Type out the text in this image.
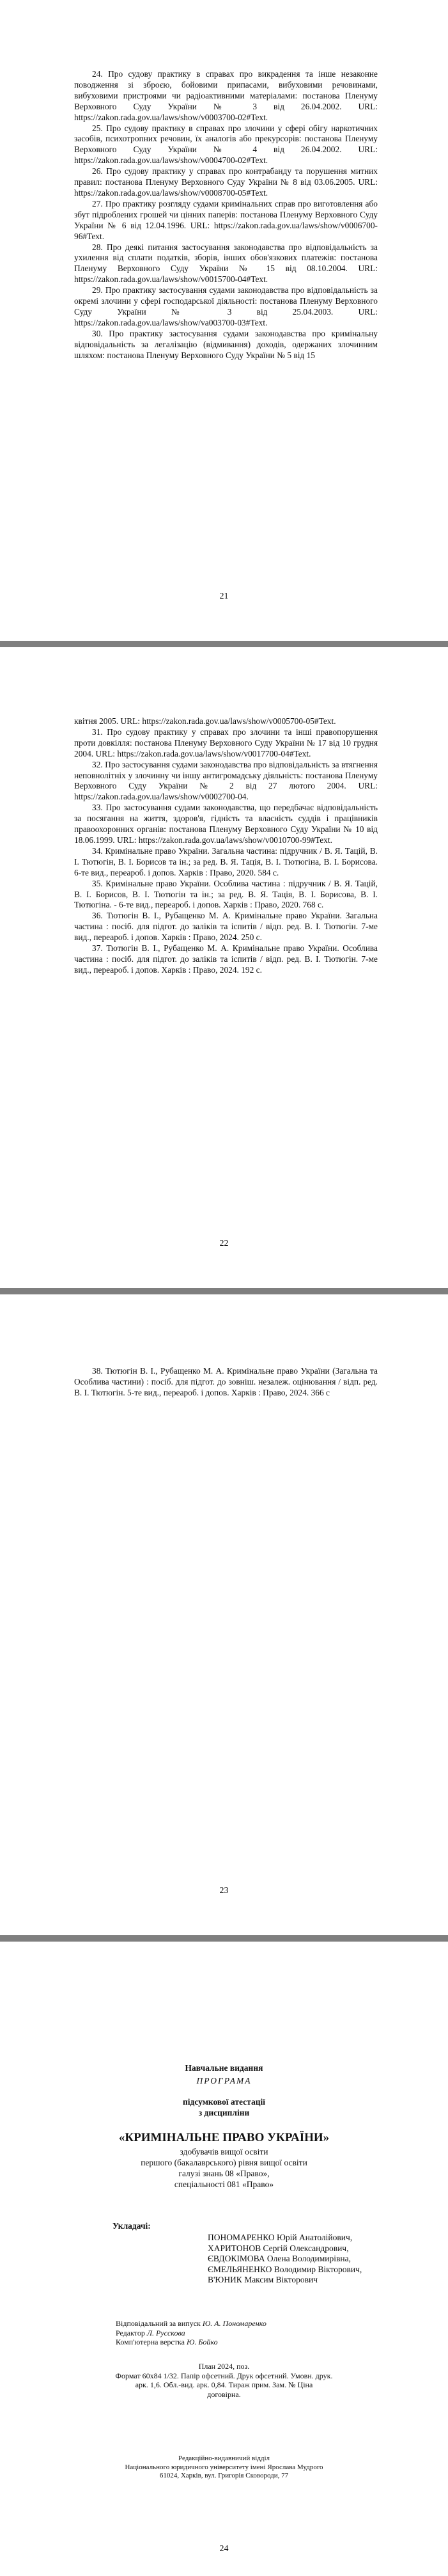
24. Про судову практику в справах про викрадення та інше незаконне поводження зі зброєю, бойовими припасами, вибуховими речовинами, вибуховими пристроями чи радіоактивними матеріалами: постанова Пленуму Верховного Суду України № 3 від 26.04.2002. URL: https://zakon.rada.gov.ua/laws/show/v0003700-02#Text.

25. Про судову практику в справах про злочини у сфері обігу наркотичних засобів, психотропних речовин, їх аналогів або прекурсорів: постанова Пленуму Верховного Суду України № 4 від 26.04.2002. URL: https://zakon.rada.gov.ua/laws/show/v0004700-02#Text.

26. Про судову практику у справах про контрабанду та порушення митних правил: постанова Пленуму Верховного Суду України № 8 від 03.06.2005. URL: https://zakon.rada.gov.ua/laws/show/v0008700-05#Text.

27. Про практику розгляду судами кримінальних справ про виготовлення або збут підроблених грошей чи цінних паперів: постанова Пленуму Верховного Суду України № 6 від 12.04.1996. URL: https://zakon.rada.gov.ua/laws/show/v0006700-96#Text.

28. Про деякі питання застосування законодавства про відповідальність за ухилення від сплати податків, зборів, інших обов'язкових платежів: постанова Пленуму Верховного Суду України № 15 від 08.10.2004. URL: https://zakon.rada.gov.ua/laws/show/v0015700-04#Text.

29. Про практику застосування судами законодавства про відповідальність за окремі злочини у сфері господарської діяльності: постанова Пленуму Верховного Суду України № 3 від 25.04.2003. URL: https://zakon.rada.gov.ua/laws/show/va003700-03#Text.

30. Про практику застосування судами законодавства про кримінальну відповідальність за легалізацію (відмивання) доходів, одержаних злочинним шляхом: постанова Пленуму Верховного Суду України № 5 від 15

21

квітня 2005. URL: https://zakon.rada.gov.ua/laws/show/v0005700-05#Text.

31. Про судову практику у справах про злочини та інші правопорушення проти довкілля: постанова Пленуму Верховного Суду України № 17 від 10 грудня 2004. URL: https://zakon.rada.gov.ua/laws/show/v0017700-04#Text.

32. Про застосування судами законодавства про відповідальність за втягнення неповнолітніх у злочинну чи іншу антигромадську діяльність: постанова Пленуму Верховного Суду України № 2 від 27 лютого 2004. URL: https://zakon.rada.gov.ua/laws/show/v0002700-04.

33. Про застосування судами законодавства, що передбачає відповідальність за посягання на життя, здоров'я, гідність та власність суддів і працівників правоохоронних органів: постанова Пленуму Верховного Суду України № 10 від 18.06.1999. URL: https://zakon.rada.gov.ua/laws/show/v0010700-99#Text.

34. Кримінальне право України. Загальна частина: підручник / В. Я. Тацій, В. І. Тютюгін, В. І. Борисов та ін.; за ред. В. Я. Тація, В. І. Тютюгіна, В. І. Борисова. 6-те вид., переароб. і допов. Харків : Право, 2020. 584 с.

35. Кримінальне право України. Особлива частина : підручник / В. Я. Тацій, В. І. Борисов, В. І. Тютюгін та ін.; за ред. В. Я. Тація, В. І. Борисова, В. І. Тютюгіна. - 6-те вид., переароб. і допов. Харків : Право, 2020. 768 с.

36. Тютюгін В. І., Рубащенко М. А. Кримінальне право України. Загальна частина : посіб. для підгот. до заліків та іспитів / відп. ред. В. І. Тютюгін. 7-ме вид., переароб. і допов. Харків : Право, 2024. 250 с.

37. Тютюгін В. І., Рубащенко М. А. Кримінальне право України. Особлива частина : посіб. для підгот. до заліків та іспитів / відп. ред. В. І. Тютюгін. 7-ме вид., переароб. і допов. Харків : Право, 2024. 192 с.

22

38. Тютюгін В. І., Рубащенко М. А. Кримінальне право України (Загальна та Особлива частини) : посіб. для підгот. до зовніш. незалеж. оцінювання / відп. ред. В. І. Тютюгін. 5-те вид., переароб. і допов. Харків : Право, 2024. 366 с

23
Навчальне видання
ПРОГРАМА
підсумкової атестації
з дисципліни
«КРИМІНАЛЬНЕ ПРАВО УКРАЇНИ»
здобувачів вищої освіти
першого (бакалаврського) рівня вищої освіти
галузі знань 08 «Право»,
спеціальності 081 «Право»
Укладачі:
ПОНОМАРЕНКО Юрій Анатолійович,
ХАРИТОНОВ Сергій Олександрович,
ЄВДОКІМОВА Олена Володимирівна,
ЄМЕЛЬЯНЕНКО Володимир Вікторович,
В'ЮНИК Максим Вікторович
Відповідальний за випуск Ю. А. Пономаренко
Редактор Л. Русскова
Комп'ютерна верстка Ю. Бойко
План 2024, поз.
Формат 60х84 1/32. Папір офсетний. Друк офсетний. Умовн. друк.
арк. 1,6. Обл.-вид. арк. 0,84. Тираж прим. Зам. № Ціна
договірна.
Редакційно-видавничий відділ
Національного юридичного університету імені Ярослава Мудрого
61024, Харків, вул. Григорія Сковороди, 77
24
